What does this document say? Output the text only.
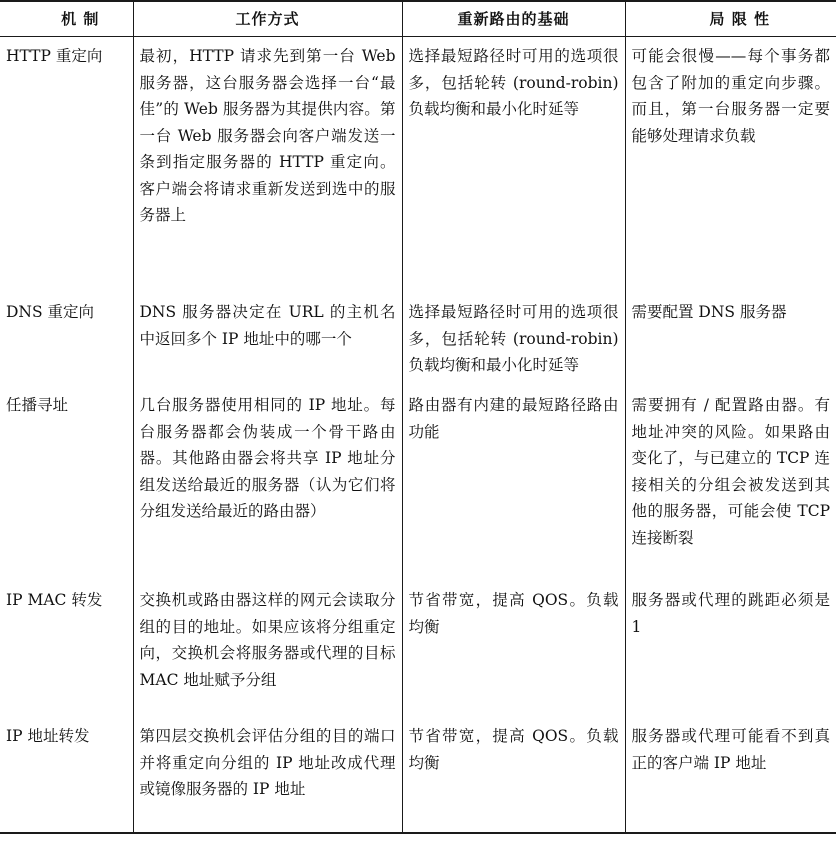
机 制	工作方式	重新路由的基础	局 限 性

HTTP 重定向	最初，HTTP 请求先到第一台 Web 服务器，这台服务器会选择一台“最佳”的 Web 服务器为其提供内容。第一台 Web 服务器会向客户端发送一条到指定服务器的 HTTP 重定向。客户端会将请求重新发送到选中的服务器上	选择最短路径时可用的选项很多，包括轮转 (round-robin) 负载均衡和最小化时延等	可能会很慢——每个事务都包含了附加的重定向步骤。而且，第一台服务器一定要能够处理请求负载

DNS 重定向	DNS 服务器决定在 URL 的主机名中返回多个 IP 地址中的哪一个	选择最短路径时可用的选项很多，包括轮转 (round-robin) 负载均衡和最小化时延等	需要配置 DNS 服务器

任播寻址	几台服务器使用相同的 IP 地址。每台服务器都会伪装成一个骨干路由器。其他路由器会将共享 IP 地址分组发送给最近的服务器（认为它们将分组发送给最近的路由器）	路由器有内建的最短路径路由功能	需要拥有 / 配置路由器。有地址冲突的风险。如果路由变化了，与已建立的 TCP 连接相关的分组会被发送到其他的服务器，可能会使 TCP 连接断裂

IP MAC 转发	交换机或路由器这样的网元会读取分组的目的地址。如果应该将分组重定向，交换机会将服务器或代理的目标 MAC 地址赋予分组	节省带宽，提高 QOS。负载均衡	服务器或代理的跳距必须是 1

IP 地址转发	第四层交换机会评估分组的目的端口并将重定向分组的 IP 地址改成代理或镜像服务器的 IP 地址	节省带宽，提高 QOS。负载均衡	服务器或代理可能看不到真正的客户端 IP 地址
